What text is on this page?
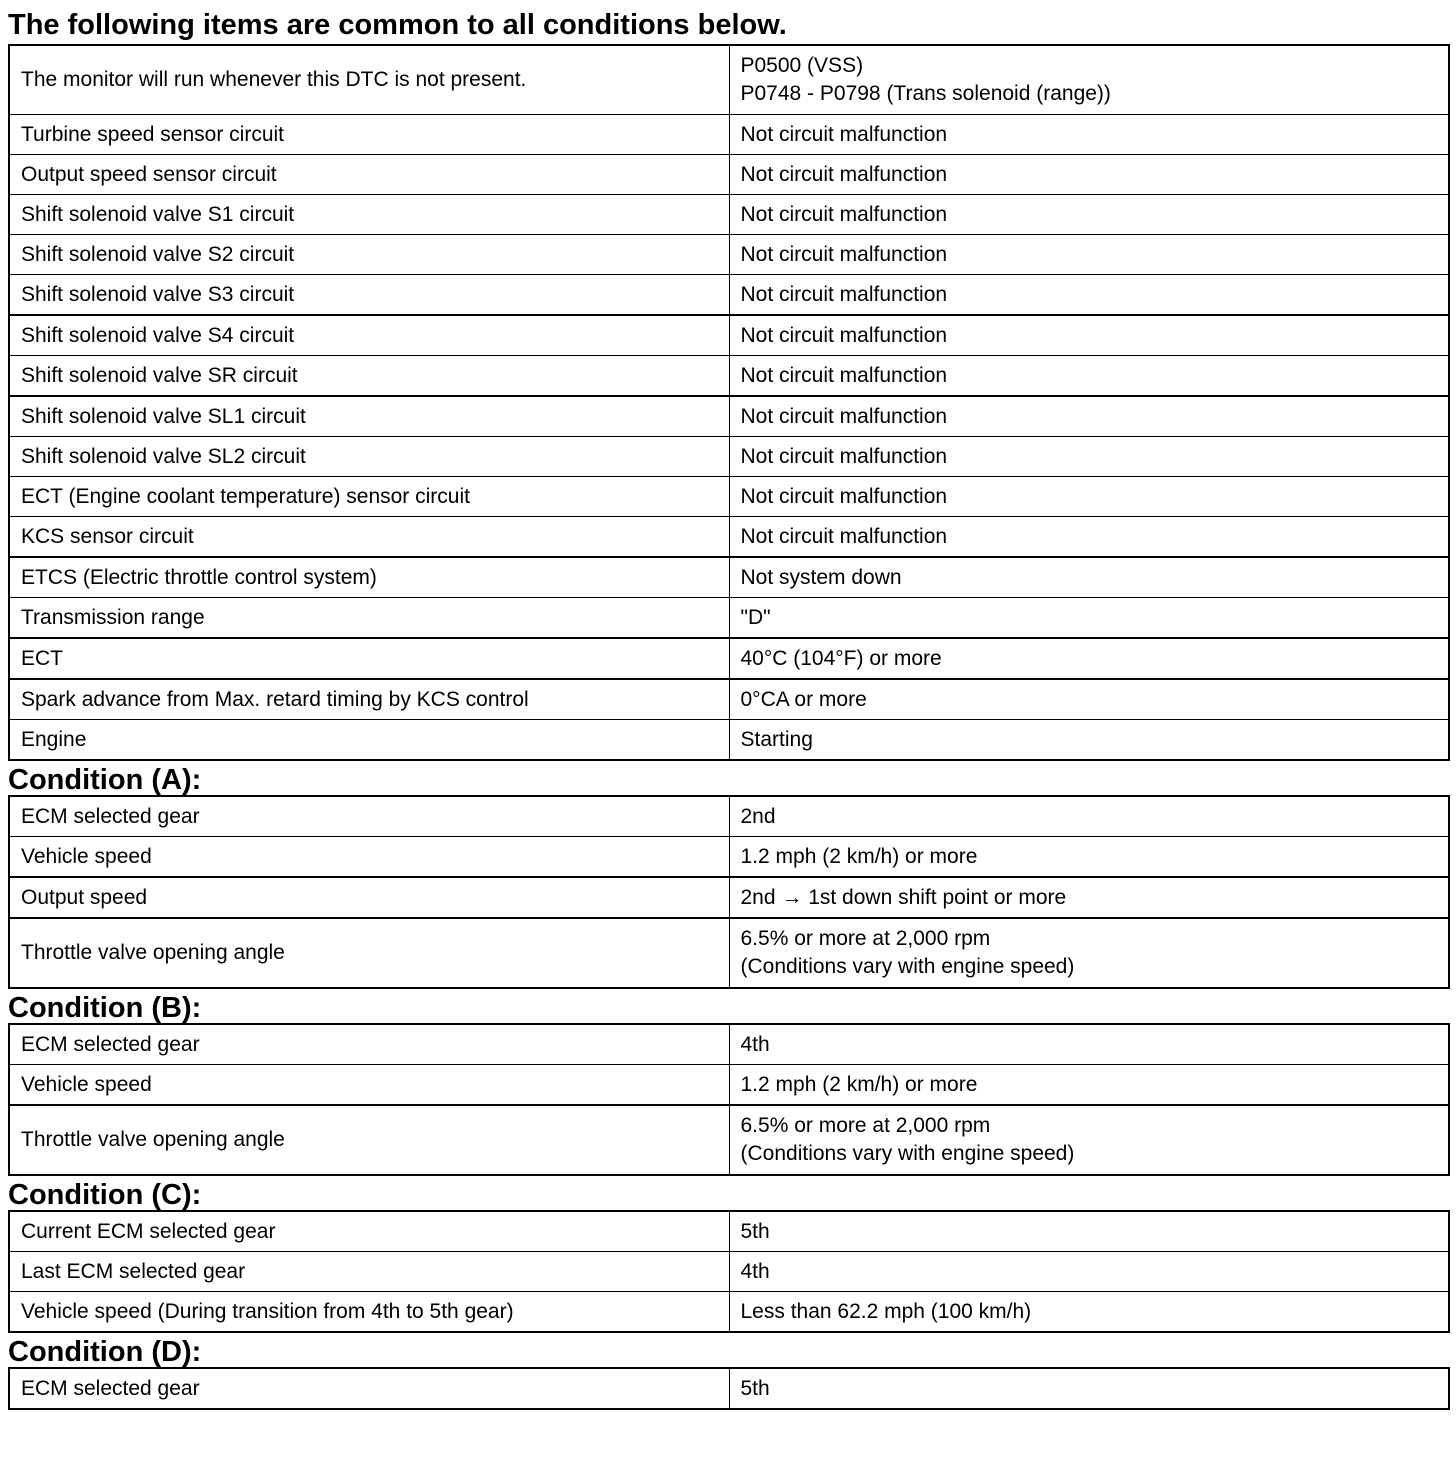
The following items are common to all conditions below.
The monitor will run whenever this DTC is not present.	P0500 (VSS)
P0748 - P0798 (Trans solenoid (range))

Turbine speed sensor circuit	Not circuit malfunction
Output speed sensor circuit	Not circuit malfunction
Shift solenoid valve S1 circuit	Not circuit malfunction
Shift solenoid valve S2 circuit	Not circuit malfunction
Shift solenoid valve S3 circuit	Not circuit malfunction
Shift solenoid valve S4 circuit	Not circuit malfunction
Shift solenoid valve SR circuit	Not circuit malfunction
Shift solenoid valve SL1 circuit	Not circuit malfunction
Shift solenoid valve SL2 circuit	Not circuit malfunction
ECT (Engine coolant temperature) sensor circuit	Not circuit malfunction
KCS sensor circuit	Not circuit malfunction
ETCS (Electric throttle control system)	Not system down
Transmission range	"D"
ECT	40°C (104°F) or more
Spark advance from Max. retard timing by KCS control	0°CA or more
Engine	Starting
Condition (A):
ECM selected gear	2nd
Vehicle speed	1.2 mph (2 km/h) or more
Output speed	2nd → 1st down shift point or more
Throttle valve opening angle	6.5% or more at 2,000 rpm
(Conditions vary with engine speed)
Condition (B):
ECM selected gear	4th
Vehicle speed	1.2 mph (2 km/h) or more
Throttle valve opening angle	6.5% or more at 2,000 rpm
(Conditions vary with engine speed)
Condition (C):
Current ECM selected gear	5th
Last ECM selected gear	4th
Vehicle speed (During transition from 4th to 5th gear)	Less than 62.2 mph (100 km/h)
Condition (D):
ECM selected gear	5th
